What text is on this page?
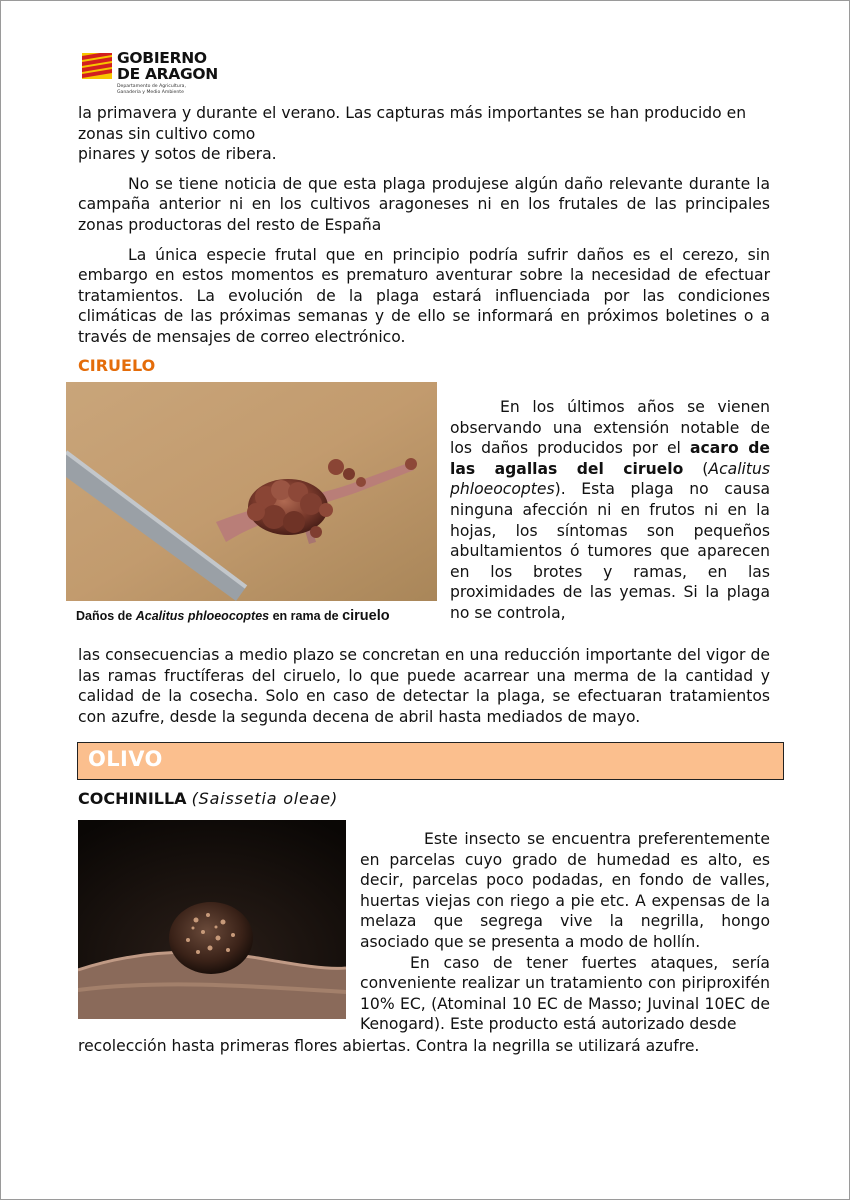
GOBIERNO
DE ARAGON
Departamento de Agricultura, Ganadería y Medio Ambiente

la primavera y durante el verano. Las capturas más importantes se han producido en zonas sin cultivo como
pinares y sotos de ribera.

No se tiene noticia de que esta plaga produjese algún daño relevante durante la campaña anterior ni en los cultivos aragoneses ni en los frutales de las principales zonas productoras del resto de España

La única especie frutal que en principio podría sufrir daños es el cerezo, sin embargo en estos momentos es prematuro aventurar sobre la necesidad de efectuar tratamientos. La evolución de la plaga estará influenciada por las condiciones climáticas de las próximas semanas y de ello se informará en próximos boletines o a través de mensajes de correo electrónico.

CIRUELO
Daños de Acalitus phloeocoptes en rama de ciruelo

En los últimos años se vienen observando una extensión notable de los daños producidos por el acaro de las agallas del ciruelo (Acalitus phloeocoptes). Esta plaga no causa ninguna afección ni en frutos ni en la hojas, los síntomas son pequeños abultamientos ó tumores que aparecen en los brotes y ramas, en las proximidades de las yemas. Si la plaga no se controla,

las consecuencias a medio plazo se concretan en una reducción importante del vigor de las ramas fructíferas del ciruelo, lo que puede acarrear una merma de la cantidad y calidad de la cosecha. Solo en caso de detectar la plaga, se efectuaran tratamientos con azufre, desde la segunda decena de abril hasta mediados de mayo.

OLIVO
COCHINILLA (Saissetia oleae)

Este insecto se encuentra preferentemente en parcelas cuyo grado de humedad es alto, es decir, parcelas poco podadas, en fondo de valles, huertas viejas con riego a pie etc. A expensas de la melaza que segrega vive la negrilla, hongo asociado que se presenta a modo de hollín.

En caso de tener fuertes ataques, sería conveniente realizar un tratamiento con piriproxifén 10% EC, (Atominal 10 EC de Masso; Juvinal 10EC de Kenogard). Este producto está autorizado desde

recolección hasta primeras flores abiertas. Contra la negrilla se utilizará azufre.
